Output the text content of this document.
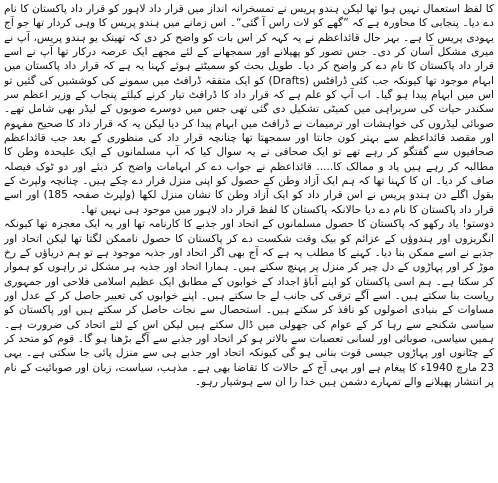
کا لفظ استعمال نہیں ہوا تھا لیکن ہندو پریس نے تمسخرانہ انداز میں قرار داد لاہور کو قرار داد پاکستان کا نام دے دیا۔ پنجابی کا محاورہ ہے کہ ”گھے کو لات راس آ گئی“۔ اس زمانے میں ہندو پریس کا وہی کردار تھا جو آج یہودی پریس کا ہے۔ بہر حال قائداعظم نے یہ کہہ کر اس بات کو واضح کر دی کہ تھینک یو ہندو پریس، آپ نے میری مشکل آسان کر دی۔ جس تصور کو پھیلانے اور سمجھانے کے لئے مجھے ایک عرصہ درکار تھا آپ نے اسے قرار داد پاکستان کا نام دے کر واضح کر دیا۔ طویل بحث کو سمیٹتے ہوئے کہنا یہ ہے کہ قرار داد پاکستان میں ابہام موجود تھا کیونکہ جب کئی ڈرافٹس (Drafts) کو ایک متفقہ ڈرافٹ میں سمونے کی کوششیں کی گئیں تو اس میں ابہام پیدا ہو گیا۔ اب آپ کو علم ہے کہ قرار داد کا ڈرافٹ تیار کرنے کیلئے پنجاب کے وزیر اعظم سر سکندر حیات کی سربراہی میں کمیٹی تشکیل دی گئی تھی جس میں دوسرے صوبوں کے لیڈر بھی شامل تھے۔ صوبائی لیڈروں کی خواہشات اور ترمیمات نے ڈرافٹ میں ابہام پیدا کر دیا لیکن یہ کہ قرار داد کا صحیح مفہوم اور مقصد قائداعظم سے بہتر کون جانتا اور سمجھتا تھا چنانچہ قرار داد کی منظوری کے بعد جب قائداعظم صحافیوں سے گفتگو کر رہے تھے تو ایک صحافی نے یہ سوال کیا کہ آپ مسلمانوں کے ایک علیحدہ وطن کا مطالبہ کر رہے ہیں یاد و ممالک کا..... قائداعظم نے جواب دے کر ابہامات واضح کر دیئے اور دو ٹوک فیصلہ صاف کر دیا۔ ان کا کہنا تھا کہ ہم ایک آزاد وطن کے حصول کو اپنی منزل قرار دے چکے ہیں۔ چنانچہ ولپرٹ کے بقول اگلے دن ہندو پریس نے اس قرار داد کو ایک آزاد وطن کا نشان منزل لکھا (ولپرٹ صفحہ 185) اور اسے قرار داد پاکستان کا نام دے دیا حالانکہ پاکستان کا لفظ قرار داد لاہور میں موجود ہی نہیں تھا۔

دوستو! یاد رکھو کہ پاکستان کا حصول مسلمانوں کے اتحاد اور جذبے کا کارنامہ تھا اور یہ ایک معجزہ تھا کیونکہ انگریزوں اور ہندوؤں کے عزائم کو بیک وقت شکست دے کر پاکستان کا حصول ناممکن لگتا تھا لیکن اتحاد اور جذبے نے اسے ممکن بنا دیا۔ کہنے کا مطلب یہ ہے کہ آج بھی اگر اتحاد اور جذبہ موجود ہے تو ہم دریاؤں کے رخ موڑ کر اور پہاڑوں کے دل چیر کر منزل پر پہنچ سکتے ہیں۔ ہمارا اتحاد اور جذبہ ہر مشکل تر راہوں کو ہموار کر سکتا ہے۔ ہم اسی پاکستان کو اپنے آباؤ اجداد کے خوابوں کے مطابق ایک عظیم اسلامی فلاحی اور جمہوری ریاست بنا سکتے ہیں۔ اسے آگے ترقی کی جانب لے جا سکتے ہیں۔ اپنے خوابوں کی تعبیر حاصل کر کے عدل اور مساوات کے بنیادی اصولوں کو نافذ کر سکتے ہیں۔ استحصال سے نجات حاصل کر سکتے ہیں اور پاکستان کو سیاسی شکنجے سے رہا کر کے عوام کی جھولی میں ڈال سکتے ہیں لیکن اس کے لئے اتحاد کی ضرورت ہے۔ ہمیں سیاسی، صوبائی اور لسانی تعصبات سے بالاتر ہو کر اتحاد اور جذبے سے آگے بڑھنا ہو گا۔ قوم کو متحد کر کے چٹانوں اور پہاڑوں جیسی قوت بنانی ہو گی کیونکہ اتحاد اور جذبے ہی سے منزل پائی جا سکتی ہے۔ یہی 23 مارچ 1940ء کا پیغام ہے اور یہی آج کے حالات کا تقاضا بھی ہے۔ مذہب، سیاست، زبان اور صوبائیت کے نام پر انتشار پھیلانے والے تمہارے دشمن ہیں خدا را ان سے ہوشیار رہو۔
